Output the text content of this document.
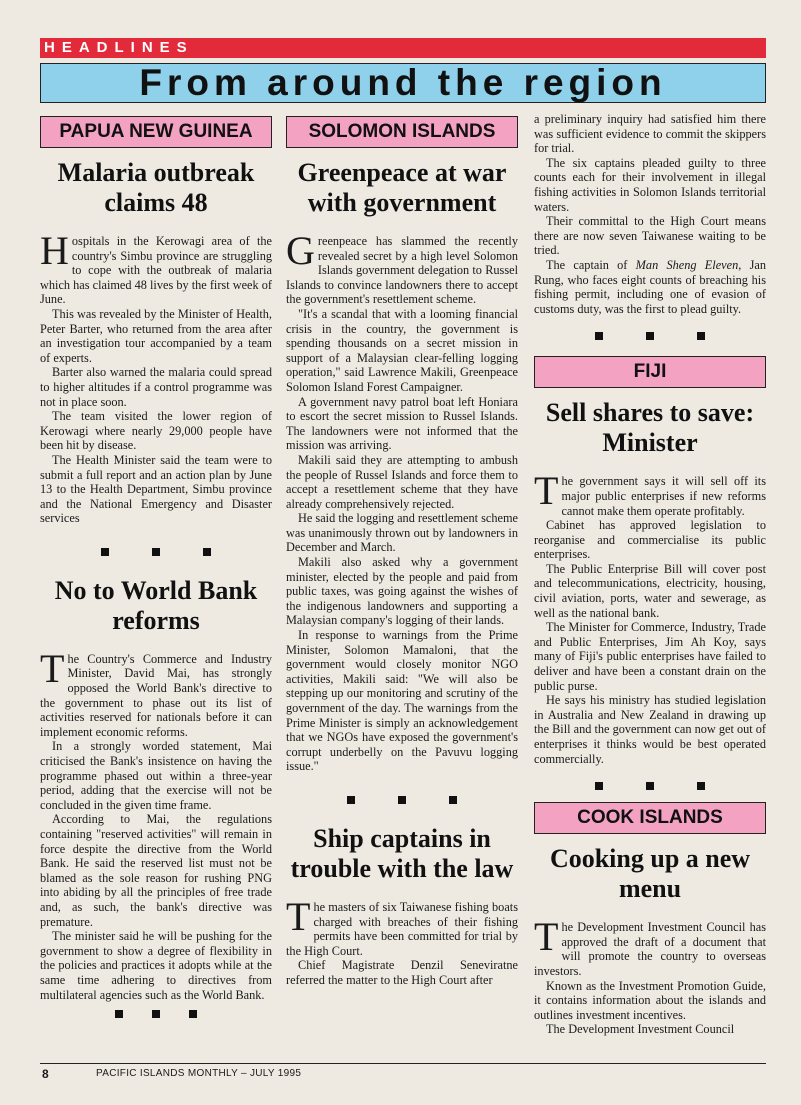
HEADLINES
From around the region
PAPUA NEW GUINEA
Malaria outbreak claims 48

Hospitals in the Kerowagi area of the country's Simbu province are struggling to cope with the outbreak of malaria which has claimed 48 lives by the first week of June.

This was revealed by the Minister of Health, Peter Barter, who returned from the area after an investigation tour accompanied by a team of experts.

Barter also warned the malaria could spread to higher altitudes if a control programme was not in place soon.

The team visited the lower region of Kerowagi where nearly 29,000 people have been hit by disease.

The Health Minister said the team were to submit a full report and an action plan by June 13 to the Health Department, Simbu province and the National Emergency and Disaster services

No to World Bank reforms

The Country's Commerce and Industry Minister, David Mai, has strongly opposed the World Bank's directive to the government to phase out its list of activities reserved for nationals before it can implement economic reforms.

In a strongly worded statement, Mai criticised the Bank's insistence on having the programme phased out within a three-year period, adding that the exercise will not be concluded in the given time frame.

According to Mai, the regulations containing "reserved activities" will remain in force despite the directive from the World Bank. He said the reserved list must not be blamed as the sole reason for rushing PNG into abiding by all the principles of free trade and, as such, the bank's directive was premature.

The minister said he will be pushing for the government to show a degree of flexibility in the policies and practices it adopts while at the same time adhering to directives from multilateral agencies such as the World Bank.

SOLOMON ISLANDS
Greenpeace at war with government

Greenpeace has slammed the recently revealed secret by a high level Solomon Islands government delegation to Russel Islands to convince landowners there to accept the government's resettlement scheme.

"It's a scandal that with a looming financial crisis in the country, the government is spending thousands on a secret mission in support of a Malaysian clear-felling logging operation," said Lawrence Makili, Greenpeace Solomon Island Forest Campaigner.

A government navy patrol boat left Honiara to escort the secret mission to Russel Islands. The landowners were not informed that the mission was arriving.

Makili said they are attempting to ambush the people of Russel Islands and force them to accept a resettlement scheme that they have already comprehensively rejected.

He said the logging and resettlement scheme was unanimously thrown out by landowners in December and March.

Makili also asked why a government minister, elected by the people and paid from public taxes, was going against the wishes of the indigenous landowners and supporting a Malaysian company's logging of their lands.

In response to warnings from the Prime Minister, Solomon Mamaloni, that the government would closely monitor NGO activities, Makili said: "We will also be stepping up our monitoring and scrutiny of the government of the day. The warnings from the Prime Minister is simply an acknowledgement that we NGOs have exposed the government's corrupt underbelly on the Pavuvu logging issue."

Ship captains in trouble with the law

The masters of six Taiwanese fishing boats charged with breaches of their fishing permits have been committed for trial by the High Court.

Chief Magistrate Denzil Seneviratne referred the matter to the High Court after

a preliminary inquiry had satisfied him there was sufficient evidence to commit the skippers for trial.

The six captains pleaded guilty to three counts each for their involvement in illegal fishing activities in Solomon Islands territorial waters.

Their committal to the High Court means there are now seven Taiwanese waiting to be tried.

The captain of Man Sheng Eleven, Jan Rung, who faces eight counts of breaching his fishing permit, including one of evasion of customs duty, was the first to plead guilty.

FIJI
Sell shares to save: Minister

The government says it will sell off its major public enterprises if new reforms cannot make them operate profitably.

Cabinet has approved legislation to reorganise and commercialise its public enterprises.

The Public Enterprise Bill will cover post and telecommunications, electricity, housing, civil aviation, ports, water and sewerage, as well as the national bank.

The Minister for Commerce, Industry, Trade and Public Enterprises, Jim Ah Koy, says many of Fiji's public enterprises have failed to deliver and have been a constant drain on the public purse.

He says his ministry has studied legislation in Australia and New Zealand in drawing up the Bill and the government can now get out of enterprises it thinks would be best operated commercially.

COOK ISLANDS
Cooking up a new menu

The Development Investment Council has approved the draft of a document that will promote the country to overseas investors.

Known as the Investment Promotion Guide, it contains information about the islands and outlines investment incentives.

The Development Investment Council

8	PACIFIC ISLANDS MONTHLY – JULY 1995
